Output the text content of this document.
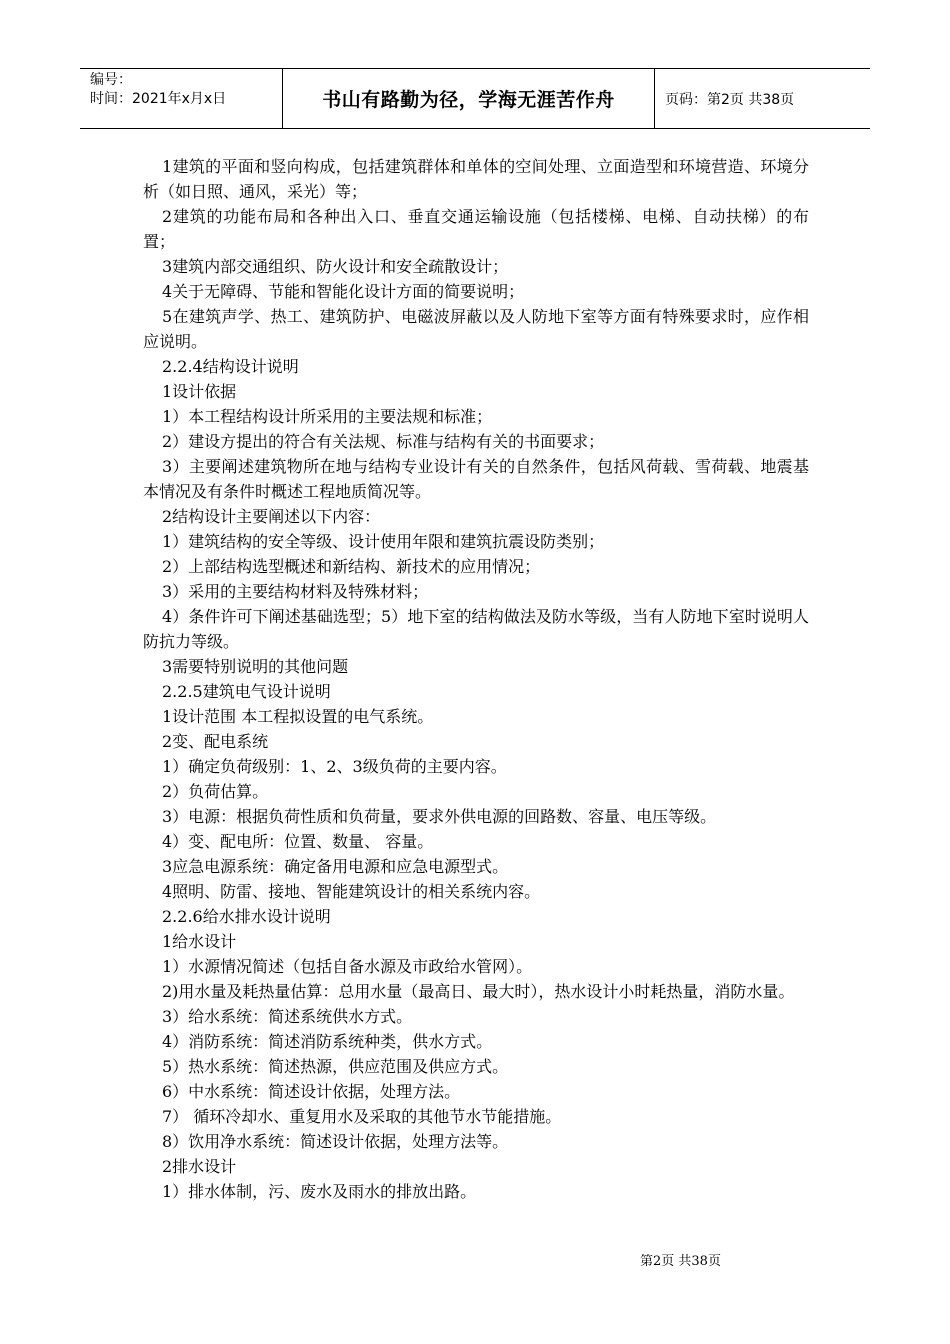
编号：
时间：2021年x月x日	书山有路勤为径，学海无涯苦作舟	页码：第2页 共38页

1建筑的平面和竖向构成，包括建筑群体和单体的空间处理、立面造型和环境营造、环境分析（如日照、通风，采光）等；

2建筑的功能布局和各种出入口、垂直交通运输设施（包括楼梯、电梯、自动扶梯）的布置；

3建筑内部交通组织、防火设计和安全疏散设计；

4关于无障碍、节能和智能化设计方面的简要说明；

5在建筑声学、热工、建筑防护、电磁波屏蔽以及人防地下室等方面有特殊要求时，应作相应说明。

2.2.4结构设计说明

1设计依据

1）本工程结构设计所采用的主要法规和标准；

2）建设方提出的符合有关法规、标准与结构有关的书面要求；

3）主要阐述建筑物所在地与结构专业设计有关的自然条件，包括风荷载、雪荷载、地震基本情况及有条件时概述工程地质简况等。

2结构设计主要阐述以下内容：

1）建筑结构的安全等级、设计使用年限和建筑抗震设防类别；

2）上部结构选型概述和新结构、新技术的应用情况；

3）采用的主要结构材料及特殊材料；

4）条件许可下阐述基础选型；5）地下室的结构做法及防水等级，当有人防地下室时说明人防抗力等级。

3需要特别说明的其他问题

2.2.5建筑电气设计说明

1设计范围 本工程拟设置的电气系统。

2变、配电系统

1）确定负荷级别：1、2、3级负荷的主要内容。

2）负荷估算。

3）电源：根据负荷性质和负荷量，要求外供电源的回路数、容量、电压等级。

4）变、配电所：位置、数量、 容量。

3应急电源系统：确定备用电源和应急电源型式。

4照明、防雷、接地、智能建筑设计的相关系统内容。

2.2.6给水排水设计说明

1给水设计

1）水源情况简述（包括自备水源及市政给水管网）。

2)用水量及耗热量估算：总用水量（最高日、最大时），热水设计小时耗热量，消防水量。

3）给水系统：简述系统供水方式。

4）消防系统：简述消防系统种类，供水方式。

5）热水系统：简述热源，供应范围及供应方式。

6）中水系统：简述设计依据，处理方法。

7） 循环冷却水、重复用水及采取的其他节水节能措施。

8）饮用净水系统：简述设计依据，处理方法等。

2排水设计

1）排水体制，污、废水及雨水的排放出路。

第2页 共38页
